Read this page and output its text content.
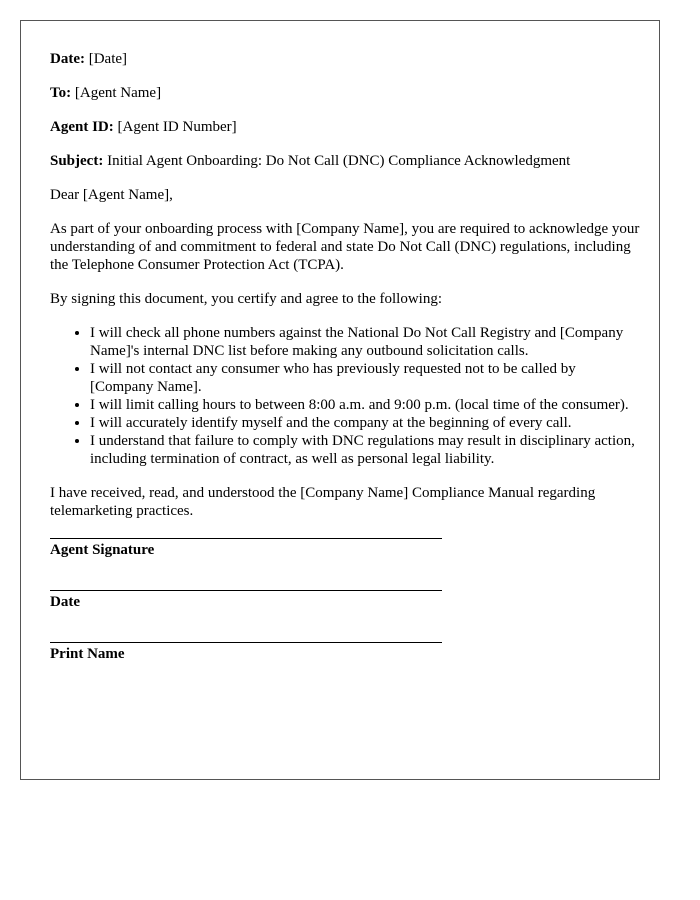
Date: [Date]
To: [Agent Name]
Agent ID: [Agent ID Number]
Subject: Initial Agent Onboarding: Do Not Call (DNC) Compliance Acknowledgment

Dear [Agent Name],

As part of your onboarding process with [Company Name], you are required to acknowledge your understanding of and commitment to federal and state Do Not Call (DNC) regulations, including the Telephone Consumer Protection Act (TCPA).

By signing this document, you certify and agree to the following:

• I will check all phone numbers against the National Do Not Call Registry and [Company Name]'s internal DNC list before making any outbound solicitation calls.
• I will not contact any consumer who has previously requested not to be called by [Company Name].
• I will limit calling hours to between 8:00 a.m. and 9:00 p.m. (local time of the consumer).
• I will accurately identify myself and the company at the beginning of every call.
• I understand that failure to comply with DNC regulations may result in disciplinary action, including termination of contract, as well as personal legal liability.

I have received, read, and understood the [Company Name] Compliance Manual regarding telemarketing practices.

Agent Signature
Date
Print Name
